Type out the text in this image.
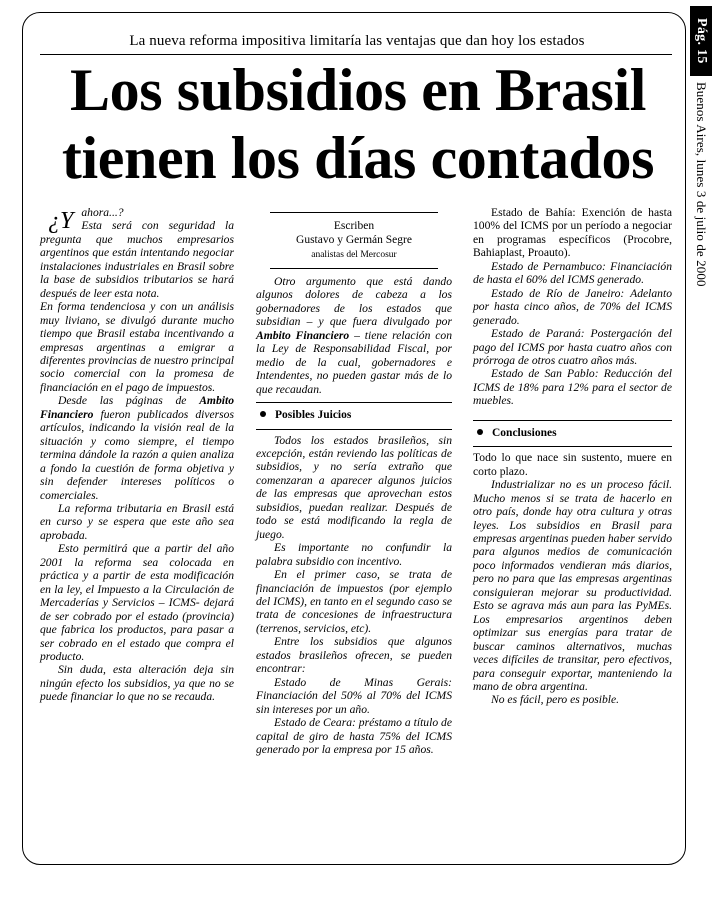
La nueva reforma impositiva limitaría las ventajas que dan hoy los estados
Los subsidios en Brasil
tienen los días contados
Pág. 15
Buenos Aires, lunes 3 de julio de 2000

¿Y ahora...?
Esta será con seguridad la pregunta que muchos empresarios argentinos que están intentando negociar instalaciones industriales en Brasil sobre la base de subsidios tributarios se hará después de leer esta nota.

En forma tendenciosa y con un análisis muy liviano, se divulgó durante mucho tiempo que Brasil estaba incentivando a empresas argentinas a emigrar a diferentes provincias de nuestro principal socio comercial con la promesa de financiación en el pago de impuestos.

Desde las páginas de Ambito Financiero fueron publicados diversos artículos, indicando la visión real de la situación y como siempre, el tiempo termina dándole la razón a quien analiza a fondo la cuestión de forma objetiva y sin defender intereses políticos o comerciales.

La reforma tributaria en Brasil está en curso y se espera que este año sea aprobada.

Esto permitirá que a partir del año 2001 la reforma sea colocada en práctica y a partir de esta modificación en la ley, el Impuesto a la Circulación de Mercaderías y Servicios – ICMS- dejará de ser cobrado por el estado (provincia) que fabrica los productos, para pasar a ser cobrado en el estado que compra el producto.

Sin duda, esta alteración deja sin ningún efecto los subsidios, ya que no se puede financiar lo que no se recauda.

Escriben
Gustavo y Germán Segre
analistas del Mercosur

Otro argumento que está dando algunos dolores de cabeza a los gobernadores de los estados que subsidian – y que fuera divulgado por Ambito Financiero – tiene relación con la Ley de Responsabilidad Fiscal, por medio de la cual, gobernadores e Intendentes, no pueden gastar más de lo que recaudan.

Posibles Juicios

Todos los estados brasileños, sin excepción, están reviendo las políticas de subsidios, y no sería extraño que comenzaran a aparecer algunos juicios de las empresas que aprovechan estos subsidios, puedan realizar. Después de todo se está modificando la regla de juego.

Es importante no confundir la palabra subsidio con incentivo.

En el primer caso, se trata de financiación de impuestos (por ejemplo del ICMS), en tanto en el segundo caso se trata de concesiones de infraestructura (terrenos, servicios, etc).

Entre los subsidios que algunos estados brasileños ofrecen, se pueden encontrar:

Estado de Minas Gerais: Financiación del 50% al 70% del ICMS sin intereses por un año.

Estado de Ceara: préstamo a título de capital de giro de hasta 75% del ICMS generado por la empresa por 15 años.

Estado de Bahía: Exención de hasta 100% del ICMS por un período a negociar en programas específicos (Procobre, Bahiaplast, Proauto).

Estado de Pernambuco: Financiación de hasta el 60% del ICMS generado.

Estado de Río de Janeiro: Adelanto por hasta cinco años, de 70% del ICMS generado.

Estado de Paraná: Postergación del pago del ICMS por hasta cuatro años con prórroga de otros cuatro años más.

Estado de San Pablo: Reducción del ICMS de 18% para 12% para el sector de muebles.

Conclusiones

Todo lo que nace sin sustento, muere en corto plazo.

Industrializar no es un proceso fácil. Mucho menos si se trata de hacerlo en otro país, donde hay otra cultura y otras leyes. Los subsidios en Brasil para empresas argentinas pueden haber servido para algunos medios de comunicación poco informados vendieran más diarios, pero no para que las empresas argentinas consiguieran mejorar su productividad. Esto se agrava más aun para las PyMEs. Los empresarios argentinos deben optimizar sus energías para tratar de buscar caminos alternativos, muchas veces difíciles de transitar, pero efectivos, para conseguir exportar, manteniendo la mano de obra argentina.

No es fácil, pero es posible.
